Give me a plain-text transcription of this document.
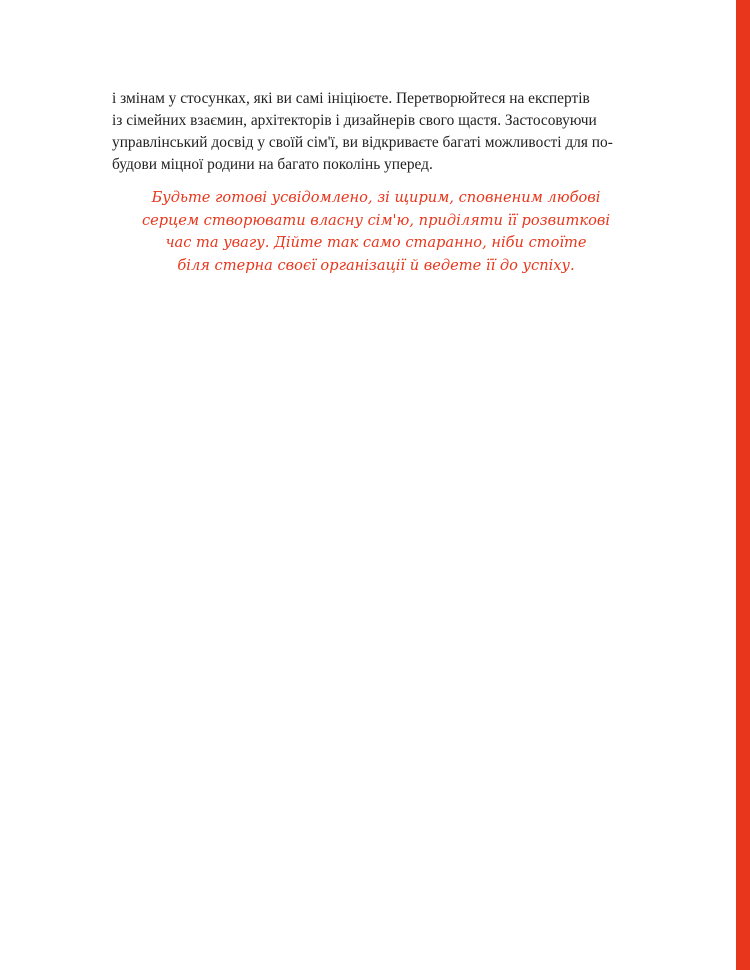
і змінам у стосунках, які ви самі ініціюєте. Перетворюйтеся на експертів
із сімейних взаємин, архітекторів і дизайнерів свого щастя. Застосовуючи
управлінський досвід у своїй сім'ї, ви відкриваєте багаті можливості для по-
будови міцної родини на багато поколінь уперед.

Будьте готові усвідомлено, зі щирим, сповненим любові
серцем створювати власну сім'ю, приділяти її розвиткові
час та увагу. Дійте так само старанно, ніби стоїте
біля стерна своєї організації й ведете її до успіху.
